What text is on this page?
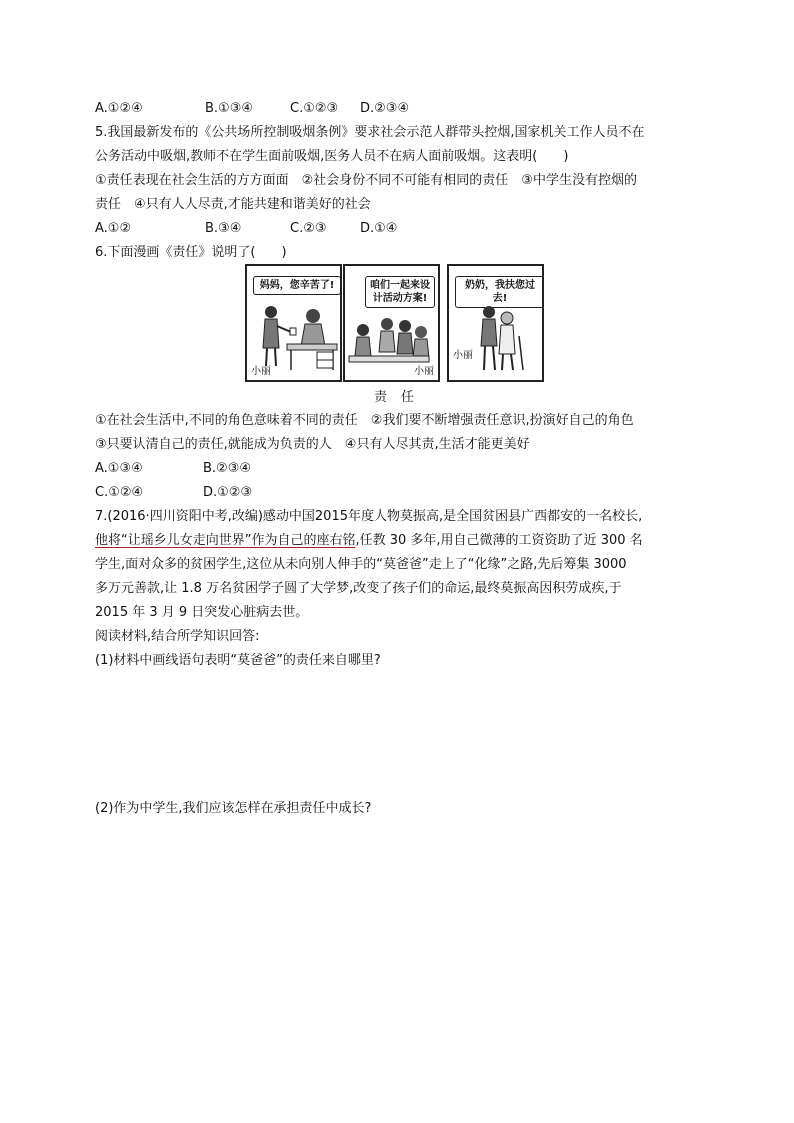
A.①②④	B.①③④	C.①②③ D.②③④
5.我国最新发布的《公共场所控制吸烟条例》要求社会示范人群带头控烟,国家机关工作人员不在
公务活动中吸烟,教师不在学生面前吸烟,医务人员不在病人面前吸烟。这表明(　　)
①责任表现在社会生活的方方面面　②社会身份不同不可能有相同的责任　③中学生没有控烟的
责任　④只有人人尽责,才能共建和谐美好的社会
A.①②	B.③④	C.②③	D.①④
6.下面漫画《责任》说明了(　　)
妈妈，您辛苦了!
小丽
咱们一起来设计活动方案!
小丽
奶奶，我扶您过去!
小丽
责任
①在社会生活中,不同的角色意味着不同的责任　②我们要不断增强责任意识,扮演好自己的角色
③只要认清自己的责任,就能成为负责的人　④只有人尽其责,生活才能更美好
A.①③④	B.②③④
C.①②④	D.①②③
7.(2016·四川资阳中考,改编)感动中国2015年度人物莫振高,是全国贫困县广西都安的一名校长,
他将“让瑶乡儿女走向世界”作为自己的座右铭,任教 30 多年,用自己微薄的工资资助了近 300 名
学生,面对众多的贫困学生,这位从未向别人伸手的“莫爸爸”走上了“化缘”之路,先后筹集 3000
多万元善款,让 1.8 万名贫困学子圆了大学梦,改变了孩子们的命运,最终莫振高因积劳成疾,于
2015 年 3 月 9 日突发心脏病去世。
阅读材料,结合所学知识回答:
(1)材料中画线语句表明“莫爸爸”的责任来自哪里?
(2)作为中学生,我们应该怎样在承担责任中成长?
